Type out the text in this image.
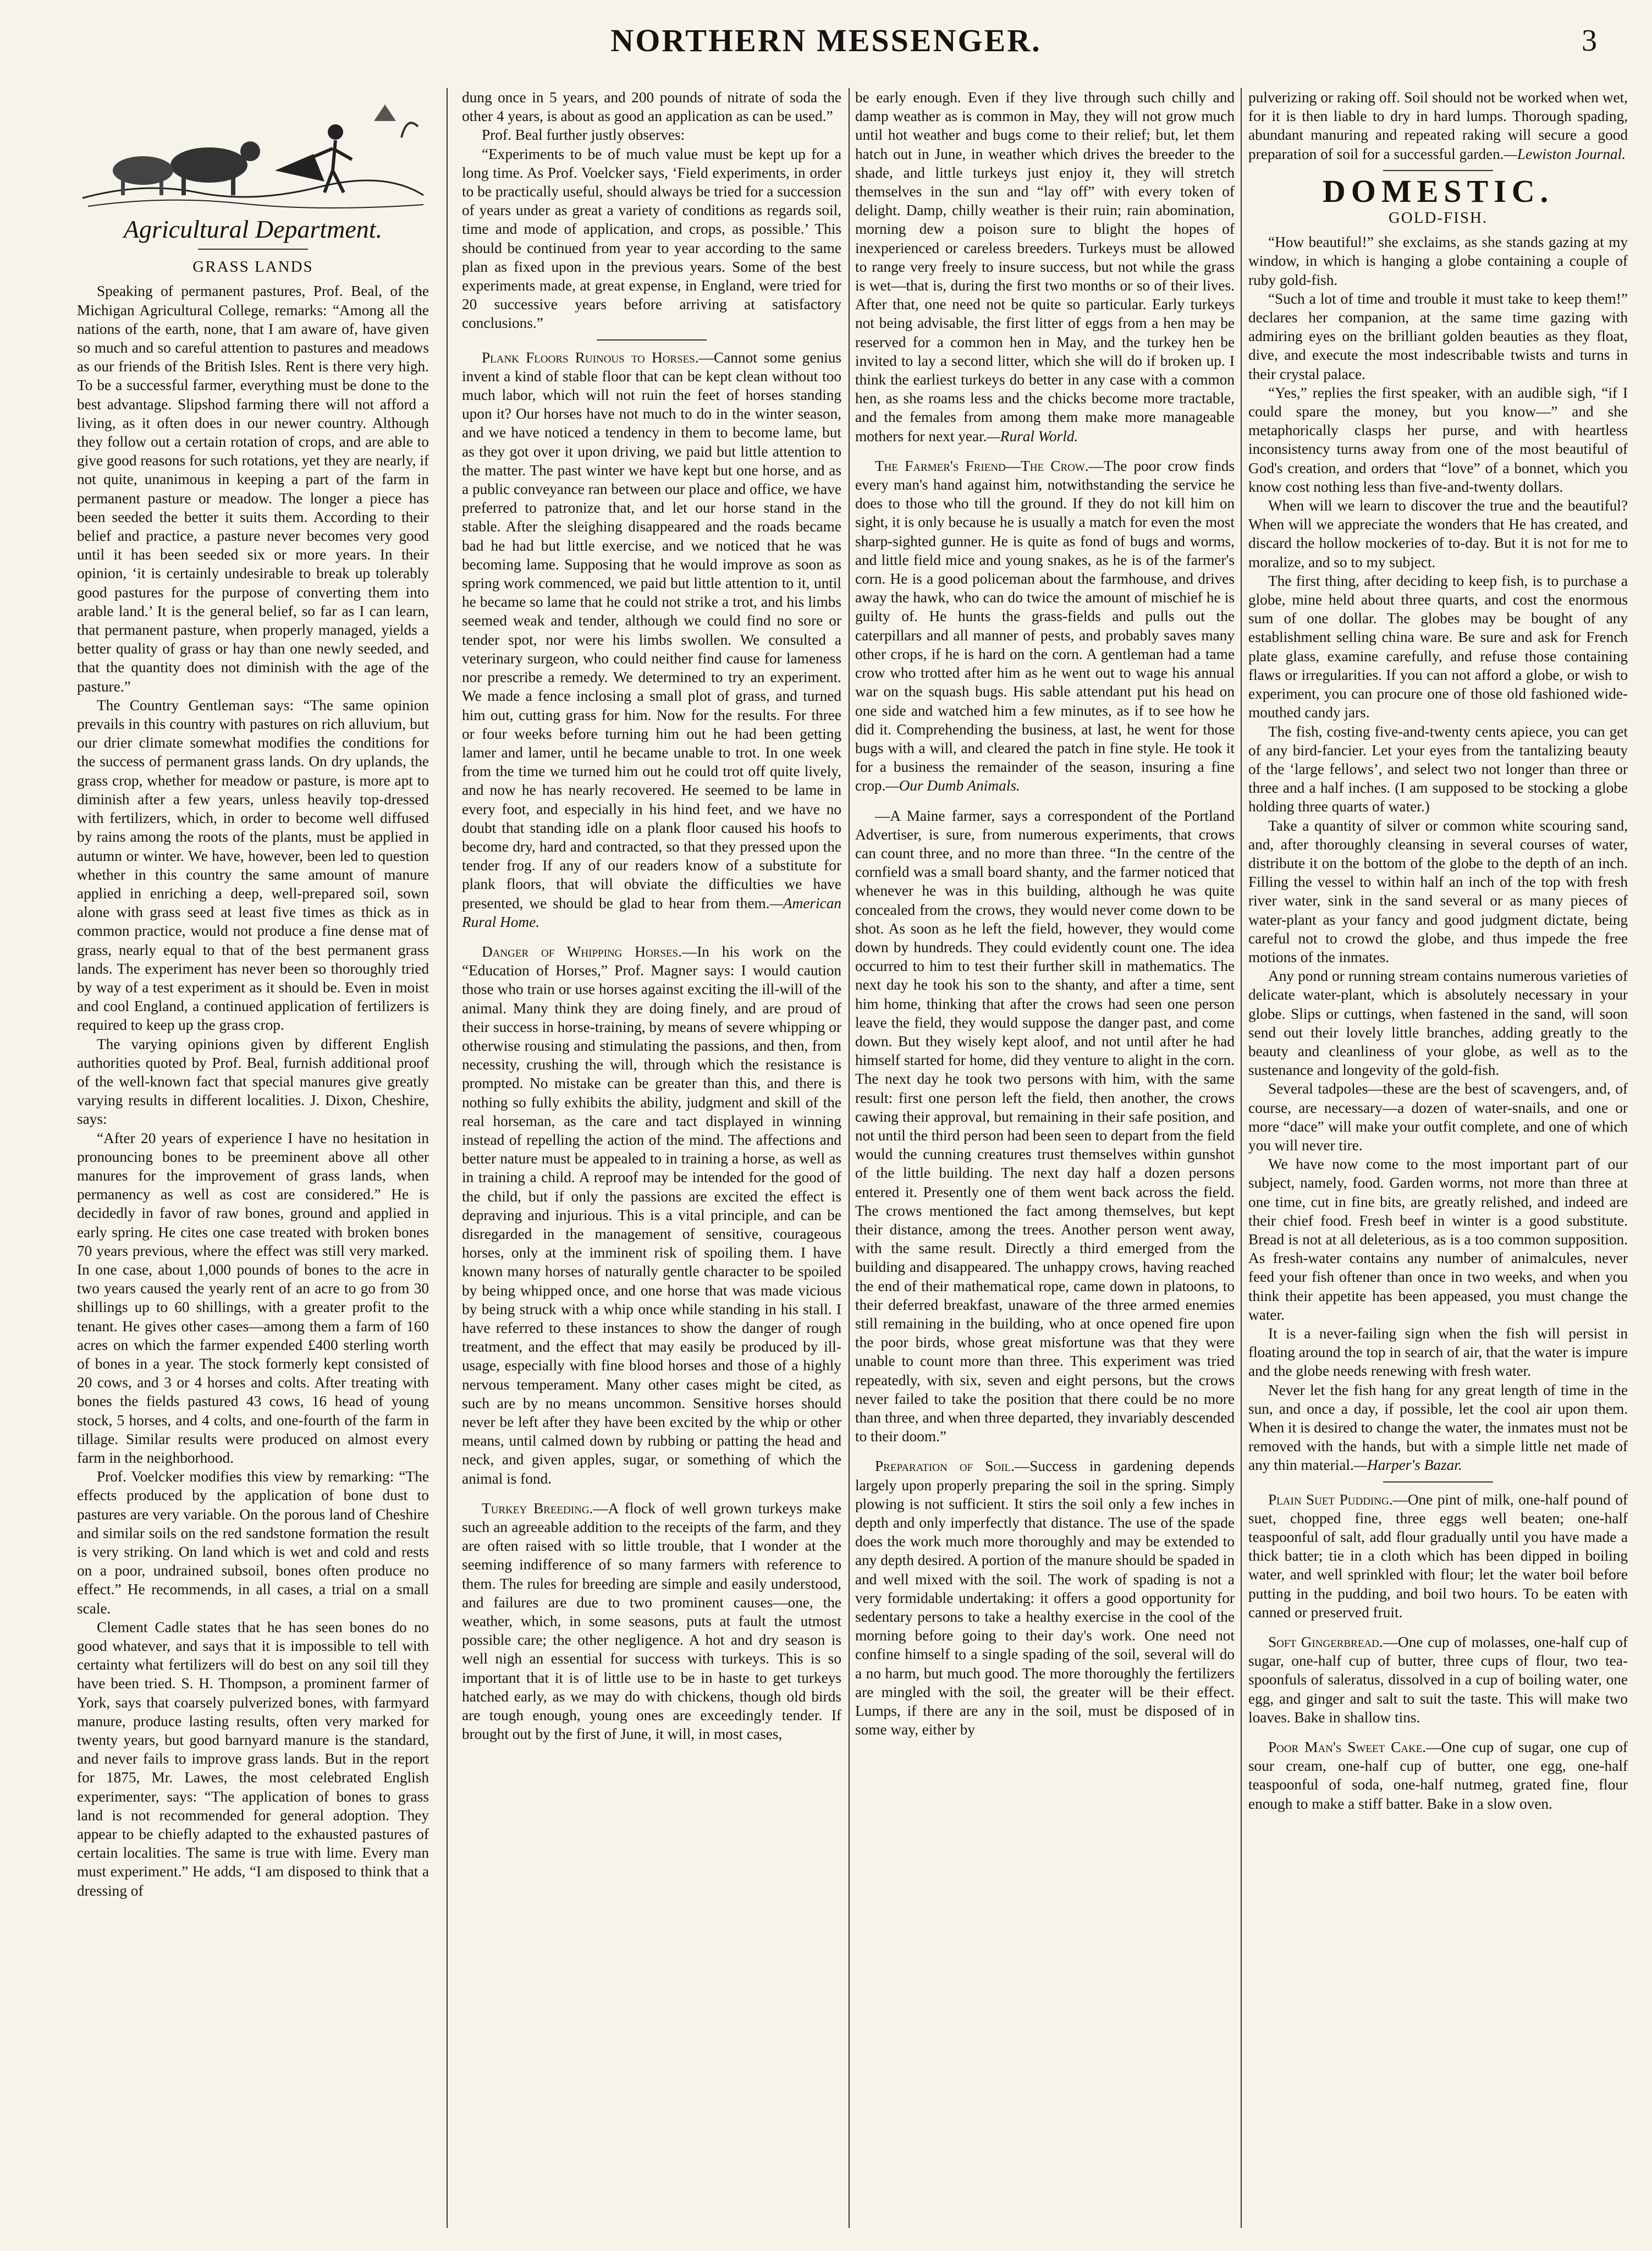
NORTHERN MESSENGER.	3
Agricultural Department.
GRASS LANDS

Speaking of permanent pastures, Prof. Beal, of the Michigan Agricultural College, remarks: “Among all the nations of the earth, none, that I am aware of, have given so much and so careful attention to pastures and meadows as our friends of the British Isles. Rent is there very high. To be a successful farmer, everything must be done to the best advantage. Slipshod farming there will not afford a living, as it often does in our newer country. Although they follow out a certain rotation of crops, and are able to give good reasons for such rotations, yet they are nearly, if not quite, unanimous in keeping a part of the farm in permanent pasture or meadow. The longer a piece has been seeded the better it suits them. According to their belief and practice, a pasture never becomes very good until it has been seeded six or more years. In their opinion, ‘it is certainly undesirable to break up tolerably good pastures for the purpose of converting them into arable land.’ It is the general belief, so far as I can learn, that permanent pasture, when properly managed, yields a better quality of grass or hay than one newly seeded, and that the quantity does not diminish with the age of the pasture.”

The Country Gentleman says: “The same opinion prevails in this country with pastures on rich alluvium, but our drier climate somewhat modifies the conditions for the success of permanent grass lands. On dry uplands, the grass crop, whether for meadow or pasture, is more apt to diminish after a few years, unless heavily top-dressed with fertilizers, which, in order to become well diffused by rains among the roots of the plants, must be applied in autumn or winter. We have, however, been led to question whether in this country the same amount of manure applied in enriching a deep, well-prepared soil, sown alone with grass seed at least five times as thick as in common practice, would not produce a fine dense mat of grass, nearly equal to that of the best permanent grass lands. The experiment has never been so thoroughly tried by way of a test experiment as it should be. Even in moist and cool England, a continued application of fertilizers is required to keep up the grass crop.

The varying opinions given by different English authorities quoted by Prof. Beal, furnish additional proof of the well-known fact that special manures give greatly varying results in different localities. J. Dixon, Cheshire, says:

“After 20 years of experience I have no hesitation in pronouncing bones to be preeminent above all other manures for the improvement of grass lands, when permanency as well as cost are considered.” He is decidedly in favor of raw bones, ground and applied in early spring. He cites one case treated with broken bones 70 years previous, where the effect was still very marked. In one case, about 1,000 pounds of bones to the acre in two years caused the yearly rent of an acre to go from 30 shillings up to 60 shillings, with a greater profit to the tenant. He gives other cases—among them a farm of 160 acres on which the farmer expended £400 sterling worth of bones in a year. The stock formerly kept consisted of 20 cows, and 3 or 4 horses and colts. After treating with bones the fields pastured 43 cows, 16 head of young stock, 5 horses, and 4 colts, and one-fourth of the farm in tillage. Similar results were produced on almost every farm in the neighborhood.

Prof. Voelcker modifies this view by remarking: “The effects produced by the application of bone dust to pastures are very variable. On the porous land of Cheshire and similar soils on the red sandstone formation the result is very striking. On land which is wet and cold and rests on a poor, undrained subsoil, bones often produce no effect.” He recommends, in all cases, a trial on a small scale.

Clement Cadle states that he has seen bones do no good whatever, and says that it is impossible to tell with certainty what fertilizers will do best on any soil till they have been tried. S. H. Thompson, a prominent farmer of York, says that coarsely pulverized bones, with farmyard manure, produce lasting results, often very marked for twenty years, but good barnyard manure is the standard, and never fails to improve grass lands. But in the report for 1875, Mr. Lawes, the most celebrated English experimenter, says: “The application of bones to grass land is not recommended for general adoption. They appear to be chiefly adapted to the exhausted pastures of certain localities. The same is true with lime. Every man must experiment.” He adds, “I am disposed to think that a dressing of

dung once in 5 years, and 200 pounds of nitrate of soda the other 4 years, is about as good an application as can be used.”

Prof. Beal further justly observes:

“Experiments to be of much value must be kept up for a long time. As Prof. Voelcker says, ‘Field experiments, in order to be practically useful, should always be tried for a succession of years under as great a variety of conditions as regards soil, time and mode of application, and crops, as possible.’ This should be continued from year to year according to the same plan as fixed upon in the previous years. Some of the best experiments made, at great expense, in England, were tried for 20 successive years before arriving at satisfactory conclusions.”

Plank Floors Ruinous to Horses.—Cannot some genius invent a kind of stable floor that can be kept clean without too much labor, which will not ruin the feet of horses standing upon it? Our horses have not much to do in the winter season, and we have noticed a tendency in them to become lame, but as they got over it upon driving, we paid but little attention to the matter. The past winter we have kept but one horse, and as a public conveyance ran between our place and office, we have preferred to patronize that, and let our horse stand in the stable. After the sleighing disappeared and the roads became bad he had but little exercise, and we noticed that he was becoming lame. Supposing that he would improve as soon as spring work commenced, we paid but little attention to it, until he became so lame that he could not strike a trot, and his limbs seemed weak and tender, although we could find no sore or tender spot, nor were his limbs swollen. We consulted a veterinary surgeon, who could neither find cause for lameness nor prescribe a remedy. We determined to try an experiment. We made a fence inclosing a small plot of grass, and turned him out, cutting grass for him. Now for the results. For three or four weeks before turning him out he had been getting lamer and lamer, until he became unable to trot. In one week from the time we turned him out he could trot off quite lively, and now he has nearly recovered. He seemed to be lame in every foot, and especially in his hind feet, and we have no doubt that standing idle on a plank floor caused his hoofs to become dry, hard and contracted, so that they pressed upon the tender frog. If any of our readers know of a substitute for plank floors, that will obviate the difficulties we have presented, we should be glad to hear from them.—American Rural Home.

Danger of Whipping Horses.—In his work on the “Education of Horses,” Prof. Magner says: I would caution those who train or use horses against exciting the ill-will of the animal. Many think they are doing finely, and are proud of their success in horse-training, by means of severe whipping or otherwise rousing and stimulating the passions, and then, from necessity, crushing the will, through which the resistance is prompted. No mistake can be greater than this, and there is nothing so fully exhibits the ability, judgment and skill of the real horseman, as the care and tact displayed in winning instead of repelling the action of the mind. The affections and better nature must be appealed to in training a horse, as well as in training a child. A reproof may be intended for the good of the child, but if only the passions are excited the effect is depraving and injurious. This is a vital principle, and can be disregarded in the management of sensitive, courageous horses, only at the imminent risk of spoiling them. I have known many horses of naturally gentle character to be spoiled by being whipped once, and one horse that was made vicious by being struck with a whip once while standing in his stall. I have referred to these instances to show the danger of rough treatment, and the effect that may easily be produced by ill-usage, especially with fine blood horses and those of a highly nervous temperament. Many other cases might be cited, as such are by no means uncommon. Sensitive horses should never be left after they have been excited by the whip or other means, until calmed down by rubbing or patting the head and neck, and given apples, sugar, or something of which the animal is fond.

Turkey Breeding.—A flock of well grown turkeys make such an agreeable addition to the receipts of the farm, and they are often raised with so little trouble, that I wonder at the seeming indifference of so many farmers with reference to them. The rules for breeding are simple and easily understood, and failures are due to two prominent causes—one, the weather, which, in some seasons, puts at fault the utmost possible care; the other negligence. A hot and dry season is well nigh an essential for success with turkeys. This is so important that it is of little use to be in haste to get turkeys hatched early, as we may do with chickens, though old birds are tough enough, young ones are exceedingly tender. If brought out by the first of June, it will, in most cases,

be early enough. Even if they live through such chilly and damp weather as is common in May, they will not grow much until hot weather and bugs come to their relief; but, let them hatch out in June, in weather which drives the breeder to the shade, and little turkeys just enjoy it, they will stretch themselves in the sun and “lay off” with every token of delight. Damp, chilly weather is their ruin; rain abomination, morning dew a poison sure to blight the hopes of inexperienced or careless breeders. Turkeys must be allowed to range very freely to insure success, but not while the grass is wet—that is, during the first two months or so of their lives. After that, one need not be quite so particular. Early turkeys not being advisable, the first litter of eggs from a hen may be reserved for a common hen in May, and the turkey hen be invited to lay a second litter, which she will do if broken up. I think the earliest turkeys do better in any case with a common hen, as she roams less and the chicks become more tractable, and the females from among them make more manageable mothers for next year.—Rural World.

The Farmer's Friend—The Crow.—The poor crow finds every man's hand against him, notwithstanding the service he does to those who till the ground. If they do not kill him on sight, it is only because he is usually a match for even the most sharp-sighted gunner. He is quite as fond of bugs and worms, and little field mice and young snakes, as he is of the farmer's corn. He is a good policeman about the farmhouse, and drives away the hawk, who can do twice the amount of mischief he is guilty of. He hunts the grass-fields and pulls out the caterpillars and all manner of pests, and probably saves many other crops, if he is hard on the corn. A gentleman had a tame crow who trotted after him as he went out to wage his annual war on the squash bugs. His sable attendant put his head on one side and watched him a few minutes, as if to see how he did it. Comprehending the business, at last, he went for those bugs with a will, and cleared the patch in fine style. He took it for a business the remainder of the season, insuring a fine crop.—Our Dumb Animals.

—A Maine farmer, says a correspondent of the Portland Advertiser, is sure, from numerous experiments, that crows can count three, and no more than three. “In the centre of the cornfield was a small board shanty, and the farmer noticed that whenever he was in this building, although he was quite concealed from the crows, they would never come down to be shot. As soon as he left the field, however, they would come down by hundreds. They could evidently count one. The idea occurred to him to test their further skill in mathematics. The next day he took his son to the shanty, and after a time, sent him home, thinking that after the crows had seen one person leave the field, they would suppose the danger past, and come down. But they wisely kept aloof, and not until after he had himself started for home, did they venture to alight in the corn. The next day he took two persons with him, with the same result: first one person left the field, then another, the crows cawing their approval, but remaining in their safe position, and not until the third person had been seen to depart from the field would the cunning creatures trust themselves within gunshot of the little building. The next day half a dozen persons entered it. Presently one of them went back across the field. The crows mentioned the fact among themselves, but kept their distance, among the trees. Another person went away, with the same result. Directly a third emerged from the building and disappeared. The unhappy crows, having reached the end of their mathematical rope, came down in platoons, to their deferred breakfast, unaware of the three armed enemies still remaining in the building, who at once opened fire upon the poor birds, whose great misfortune was that they were unable to count more than three. This experiment was tried repeatedly, with six, seven and eight persons, but the crows never failed to take the position that there could be no more than three, and when three departed, they invariably descended to their doom.”

Preparation of Soil.—Success in gardening depends largely upon properly preparing the soil in the spring. Simply plowing is not sufficient. It stirs the soil only a few inches in depth and only imperfectly that distance. The use of the spade does the work much more thoroughly and may be extended to any depth desired. A portion of the manure should be spaded in and well mixed with the soil. The work of spading is not a very formidable undertaking: it offers a good opportunity for sedentary persons to take a healthy exercise in the cool of the morning before going to their day's work. One need not confine himself to a single spading of the soil, several will do a no harm, but much good. The more thoroughly the fertilizers are mingled with the soil, the greater will be their effect. Lumps, if there are any in the soil, must be disposed of in some way, either by

pulverizing or raking off. Soil should not be worked when wet, for it is then liable to dry in hard lumps. Thorough spading, abundant manuring and repeated raking will secure a good preparation of soil for a successful garden.—Lewiston Journal.

DOMESTIC.
GOLD-FISH.

“How beautiful!” she exclaims, as she stands gazing at my window, in which is hanging a globe containing a couple of ruby gold-fish.

“Such a lot of time and trouble it must take to keep them!” declares her companion, at the same time gazing with admiring eyes on the brilliant golden beauties as they float, dive, and execute the most indescribable twists and turns in their crystal palace.

“Yes,” replies the first speaker, with an audible sigh, “if I could spare the money, but you know—” and she metaphorically clasps her purse, and with heartless inconsistency turns away from one of the most beautiful of God's creation, and orders that “love” of a bonnet, which you know cost nothing less than five-and-twenty dollars.

When will we learn to discover the true and the beautiful? When will we appreciate the wonders that He has created, and discard the hollow mockeries of to-day. But it is not for me to moralize, and so to my subject.

The first thing, after deciding to keep fish, is to purchase a globe, mine held about three quarts, and cost the enormous sum of one dollar. The globes may be bought of any establishment selling china ware. Be sure and ask for French plate glass, examine carefully, and refuse those containing flaws or irregularities. If you can not afford a globe, or wish to experiment, you can procure one of those old fashioned wide-mouthed candy jars.

The fish, costing five-and-twenty cents apiece, you can get of any bird-fancier. Let your eyes from the tantalizing beauty of the ‘large fellows’, and select two not longer than three or three and a half inches. (I am supposed to be stocking a globe holding three quarts of water.)

Take a quantity of silver or common white scouring sand, and, after thoroughly cleansing in several courses of water, distribute it on the bottom of the globe to the depth of an inch. Filling the vessel to within half an inch of the top with fresh river water, sink in the sand several or as many pieces of water-plant as your fancy and good judgment dictate, being careful not to crowd the globe, and thus impede the free motions of the inmates.

Any pond or running stream contains numerous varieties of delicate water-plant, which is absolutely necessary in your globe. Slips or cuttings, when fastened in the sand, will soon send out their lovely little branches, adding greatly to the beauty and cleanliness of your globe, as well as to the sustenance and longevity of the gold-fish.

Several tadpoles—these are the best of scavengers, and, of course, are necessary—a dozen of water-snails, and one or more “dace” will make your outfit complete, and one of which you will never tire.

We have now come to the most important part of our subject, namely, food. Garden worms, not more than three at one time, cut in fine bits, are greatly relished, and indeed are their chief food. Fresh beef in winter is a good substitute. Bread is not at all deleterious, as is a too common supposition. As fresh-water contains any number of animalcules, never feed your fish oftener than once in two weeks, and when you think their appetite has been appeased, you must change the water.

It is a never-failing sign when the fish will persist in floating around the top in search of air, that the water is impure and the globe needs renewing with fresh water.

Never let the fish hang for any great length of time in the sun, and once a day, if possible, let the cool air upon them. When it is desired to change the water, the inmates must not be removed with the hands, but with a simple little net made of any thin material.—Harper's Bazar.

Plain Suet Pudding.—One pint of milk, one-half pound of suet, chopped fine, three eggs well beaten; one-half teaspoonful of salt, add flour gradually until you have made a thick batter; tie in a cloth which has been dipped in boiling water, and well sprinkled with flour; let the water boil before putting in the pudding, and boil two hours. To be eaten with canned or preserved fruit.

Soft Gingerbread.—One cup of molasses, one-half cup of sugar, one-half cup of butter, three cups of flour, two tea-spoonfuls of saleratus, dissolved in a cup of boiling water, one egg, and ginger and salt to suit the taste. This will make two loaves. Bake in shallow tins.

Poor Man's Sweet Cake.—One cup of sugar, one cup of sour cream, one-half cup of butter, one egg, one-half teaspoonful of soda, one-half nutmeg, grated fine, flour enough to make a stiff batter. Bake in a slow oven.
